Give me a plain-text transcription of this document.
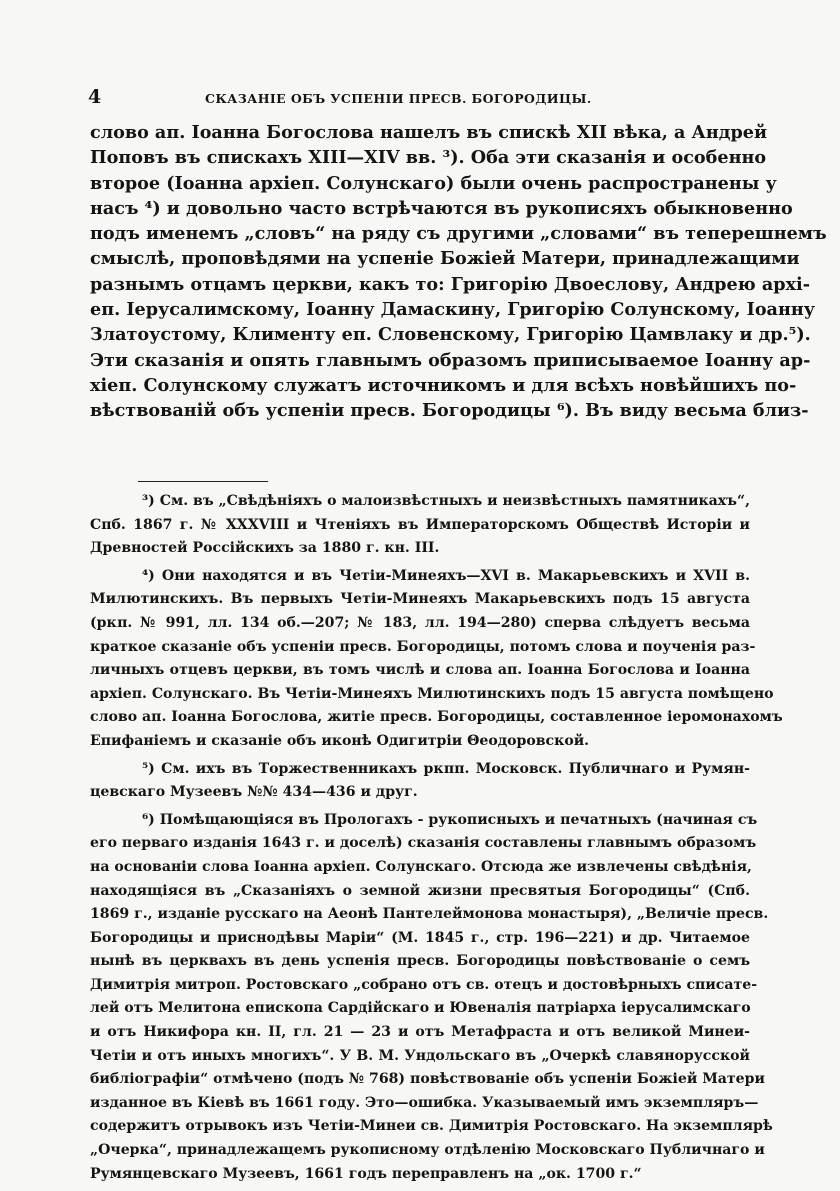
4	СКАЗАНІЕ ОБЪ УСПЕНІИ ПРЕСВ. БОГОРОДИЦЫ.
слово ап. Іоанна Богослова нашелъ въ спискѣ XII вѣка, а Андрей
Поповъ въ спискахъ XIII—XIV вв. ³). Оба эти сказанія и особенно
второе (Іоанна архіеп. Солунскаго) были очень распространены у
насъ ⁴) и довольно часто встрѣчаются въ рукописяхъ обыкновенно
подъ именемъ „словъ“ на ряду съ другими „словами“ въ теперешнемъ
смыслѣ, проповѣдями на успеніе Божіей Матери, принадлежащими
разнымъ отцамъ церкви, какъ то: Григорію Двоеслову, Андрею архі-
еп. Іерусалимскому, Іоанну Дамаскину, Григорію Солунскому, Іоанну
Златоустому, Клименту еп. Словенскому, Григорію Цамвлаку и др.⁵).
Эти сказанія и опять главнымъ образомъ приписываемое Іоанну ар-
хіеп. Солунскому служатъ источникомъ и для всѣхъ новѣйшихъ по-
вѣствованій объ успеніи пресв. Богородицы ⁶). Въ виду весьма близ-
³) См. въ „Свѣдѣніяхъ о малоизвѣстныхъ и неизвѣстныхъ памятникахъ“,
Спб. 1867 г. № XXXVIII и Чтеніяхъ въ Императорскомъ Обществѣ Исторіи и
Древностей Россійскихъ за 1880 г. кн. III.
⁴) Они находятся и въ Четіи-Минеяхъ—XVI в. Макарьевскихъ и XVII в.
Милютинскихъ. Въ первыхъ Четіи-Минеяхъ Макарьевскихъ подъ 15 августа
(рκп. № 991, лл. 134 об.—207; № 183, лл. 194—280) сперва слѣдуетъ весьма
краткое сказаніе объ успеніи пресв. Богородицы, потомъ слова и поученія раз-
личныхъ отцевъ церкви, въ томъ числѣ и слова ап. Іоанна Богослова и Іоанна
архіеп. Солунскаго. Въ Четіи-Минеяхъ Милютинскихъ подъ 15 августа помѣщено
слово ап. Іоанна Богослова, житіе пресв. Богородицы, составленное іеромонахомъ
Епифаніемъ и сказаніе объ иконѣ Одигитріи Θеодоровской.
⁵) См. ихъ въ Торжественникахъ рκпп. Московск. Публичнаго и Румян-
цевскаго Музеевъ №№ 434—436 и друг.
⁶) Помѣщающіяся въ Прологахъ - рукописныхъ и печатныхъ (начиная съ
его перваго изданія 1643 г. и доселѣ) сказанія составлены главнымъ образомъ
на основаніи слова Іоанна архіеп. Солунскаго. Отсюда же извлечены свѣдѣнія,
находящіяся въ „Сказаніяхъ о земной жизни пресвятыя Богородицы“ (Спб.
1869 г., изданіе русскаго на Аеонѣ Пантелеймонова монастыря), „Величіе пресв.
Богородицы и приснодѣвы Маріи“ (М. 1845 г., стр. 196—221) и др. Читаемое
нынѣ въ церквахъ въ день успенія пресв. Богородицы повѣствованіе о семъ
Димитрія митроп. Ростовскаго „собрано отъ св. отецъ и достовѣрныхъ списате-
лей отъ Мелитона епископа Сардійскаго и Ювеналія патріарха іерусалимскаго
и отъ Никифора кн. II, гл. 21 — 23 и отъ Метафраста и отъ великой Минеи-
Четіи и отъ иныхъ многихъ“. У В. М. Ундольскаго въ „Очеркѣ славянорусской
библіографіи“ отмѣчено (подъ № 768) повѣствованіе объ успеніи Божіей Матери
изданное въ Кіевѣ въ 1661 году. Это—ошибка. Указываемый имъ экземпляръ—
содержитъ отрывокъ изъ Четіи-Минеи св. Димитрія Ростовскаго. На экземплярѣ
„Очерка“, принадлежащемъ рукописному отдѣленію Московскаго Публичнаго и
Румянцевскаго Музеевъ, 1661 годъ переправленъ на „ок. 1700 г.“
